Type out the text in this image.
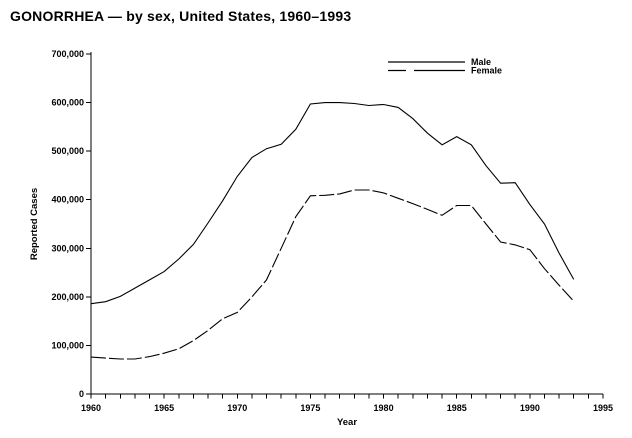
GONORRHEA — by sex, United States, 1960–1993
0
100,000
200,000
300,000
400,000
500,000
600,000
700,000
1960	1965	1970	1975	1980	1985	1990	1995
Year
Reported Cases
Male
Female
